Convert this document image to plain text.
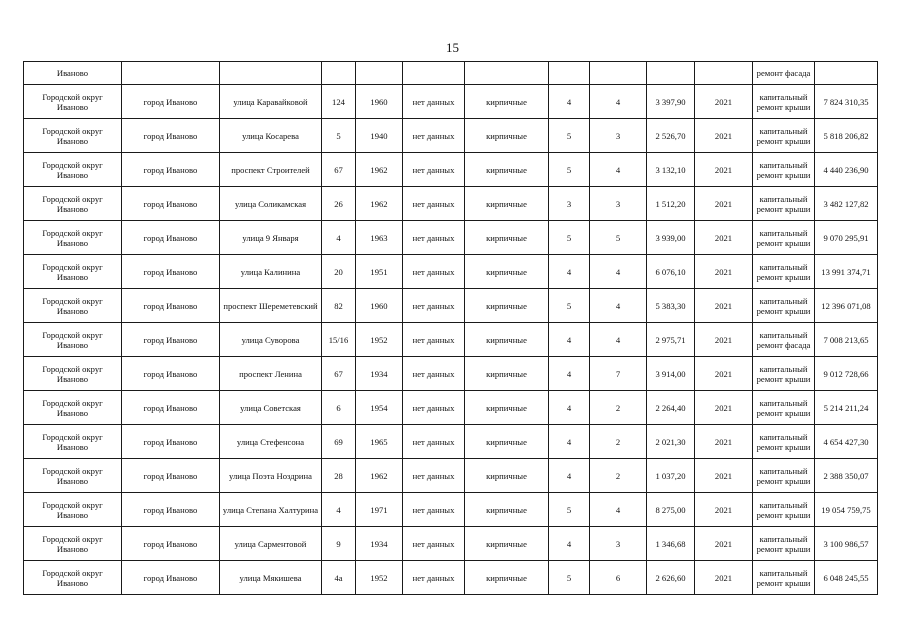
15
Иваново											ремонт фасада	
Городской округ Иваново	город Иваново	улица Каравайковой	124	1960	нет данных	кирпичные	4	4	3 397,90	2021	капитальный ремонт крыши	7 824 310,35
Городской округ Иваново	город Иваново	улица Косарева	5	1940	нет данных	кирпичные	5	3	2 526,70	2021	капитальный ремонт крыши	5 818 206,82
Городской округ Иваново	город Иваново	проспект Строителей	67	1962	нет данных	кирпичные	5	4	3 132,10	2021	капитальный ремонт крыши	4 440 236,90
Городской округ Иваново	город Иваново	улица Соликамская	26	1962	нет данных	кирпичные	3	3	1 512,20	2021	капитальный ремонт крыши	3 482 127,82
Городской округ Иваново	город Иваново	улица 9 Января	4	1963	нет данных	кирпичные	5	5	3 939,00	2021	капитальный ремонт крыши	9 070 295,91
Городской округ Иваново	город Иваново	улица Калинина	20	1951	нет данных	кирпичные	4	4	6 076,10	2021	капитальный ремонт крыши	13 991 374,71
Городской округ Иваново	город Иваново	проспект Шереметевский	82	1960	нет данных	кирпичные	5	4	5 383,30	2021	капитальный ремонт крыши	12 396 071,08
Городской округ Иваново	город Иваново	улица Суворова	15/16	1952	нет данных	кирпичные	4	4	2 975,71	2021	капитальный ремонт фасада	7 008 213,65
Городской округ Иваново	город Иваново	проспект Ленина	67	1934	нет данных	кирпичные	4	7	3 914,00	2021	капитальный ремонт крыши	9 012 728,66
Городской округ Иваново	город Иваново	улица Советская	6	1954	нет данных	кирпичные	4	2	2 264,40	2021	капитальный ремонт крыши	5 214 211,24
Городской округ Иваново	город Иваново	улица Стефенсона	69	1965	нет данных	кирпичные	4	2	2 021,30	2021	капитальный ремонт крыши	4 654 427,30
Городской округ Иваново	город Иваново	улица Поэта Ноздрина	28	1962	нет данных	кирпичные	4	2	1 037,20	2021	капитальный ремонт крыши	2 388 350,07
Городской округ Иваново	город Иваново	улица Степана Халтурина	4	1971	нет данных	кирпичные	5	4	8 275,00	2021	капитальный ремонт крыши	19 054 759,75
Городской округ Иваново	город Иваново	улица Сарментовой	9	1934	нет данных	кирпичные	4	3	1 346,68	2021	капитальный ремонт крыши	3 100 986,57
Городской округ Иваново	город Иваново	улица Мякишева	4а	1952	нет данных	кирпичные	5	6	2 626,60	2021	капитальный ремонт крыши	6 048 245,55
